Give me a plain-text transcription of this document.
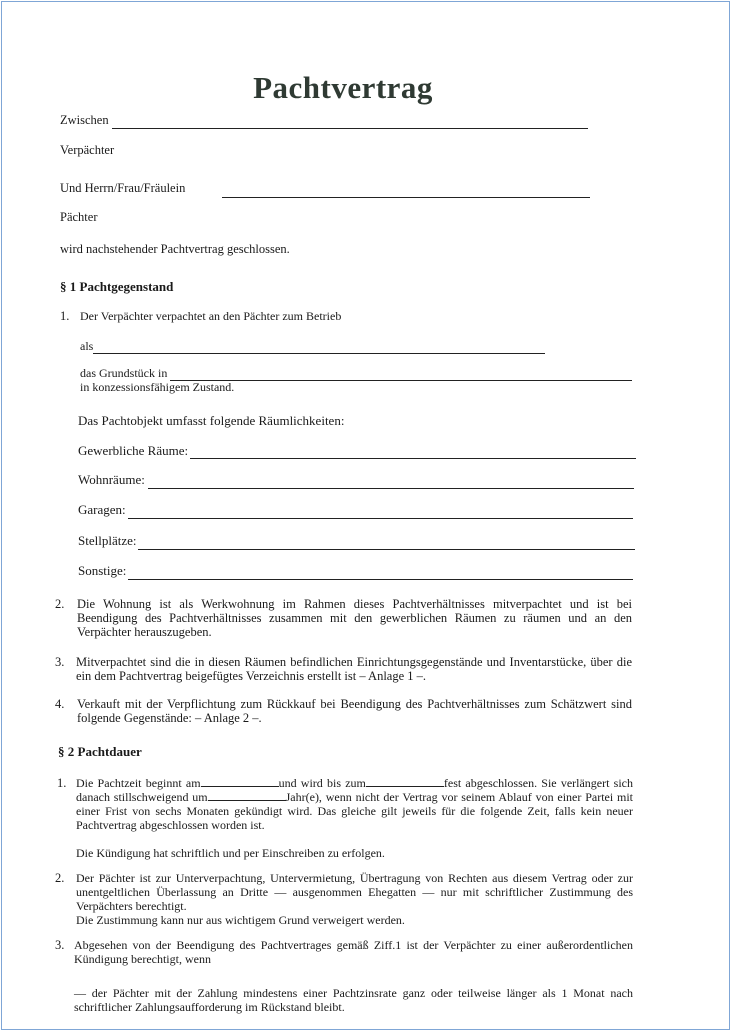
Pachtvertrag
Zwischen
Verpächter
Und Herrn/Frau/Fräulein
Pächter
wird nachstehender Pachtvertrag geschlossen.
§ 1 Pachtgegenstand
1. Der Verpächter verpachtet an den Pächter zum Betrieb
als
das Grundstück in
in konzessionsfähigem Zustand.
Das Pachtobjekt umfasst folgende Räumlichkeiten:
Gewerbliche Räume:
Wohnräume:
Garagen:
Stellplätze:
Sonstige:
2. Die Wohnung ist als Werkwohnung im Rahmen dieses Pachtverhältnisses mitverpachtet und ist bei Beendigung des Pachtverhältnisses zusammen mit den gewerblichen Räumen zu räumen und an den Verpächter herauszugeben.
3. Mitverpachtet sind die in diesen Räumen befindlichen Einrichtungsgegenstände und Inventarstücke, über die ein dem Pachtvertrag beigefügtes Verzeichnis erstellt ist – Anlage 1 –.
4. Verkauft mit der Verpflichtung zum Rückkauf bei Beendigung des Pachtverhältnisses zum Schätzwert sind folgende Gegenstände: – Anlage 2 –.
§ 2 Pachtdauer
1. Die Pachtzeit beginnt am	und wird bis zum	fest abgeschlossen. Sie verlängert sich danach stillschweigend um	Jahr(e), wenn nicht der Vertrag vor seinem Ablauf von einer Partei mit einer Frist von sechs Monaten gekündigt wird. Das gleiche gilt jeweils für die folgende Zeit, falls kein neuer Pachtvertrag abgeschlossen worden ist.
Die Kündigung hat schriftlich und per Einschreiben zu erfolgen.
2. Der Pächter ist zur Unterverpachtung, Untervermietung, Übertragung von Rechten aus diesem Vertrag oder zur unentgeltlichen Überlassung an Dritte — ausgenommen Ehegatten — nur mit schriftlicher Zustimmung des Verpächters berechtigt.
Die Zustimmung kann nur aus wichtigem Grund verweigert werden.
3. Abgesehen von der Beendigung des Pachtvertrages gemäß Ziff.1 ist der Verpächter zu einer außerordentlichen Kündigung berechtigt, wenn
— der Pächter mit der Zahlung mindestens einer Pachtzinsrate ganz oder teilweise länger als 1 Monat nach schriftlicher Zahlungsaufforderung im Rückstand bleibt.
